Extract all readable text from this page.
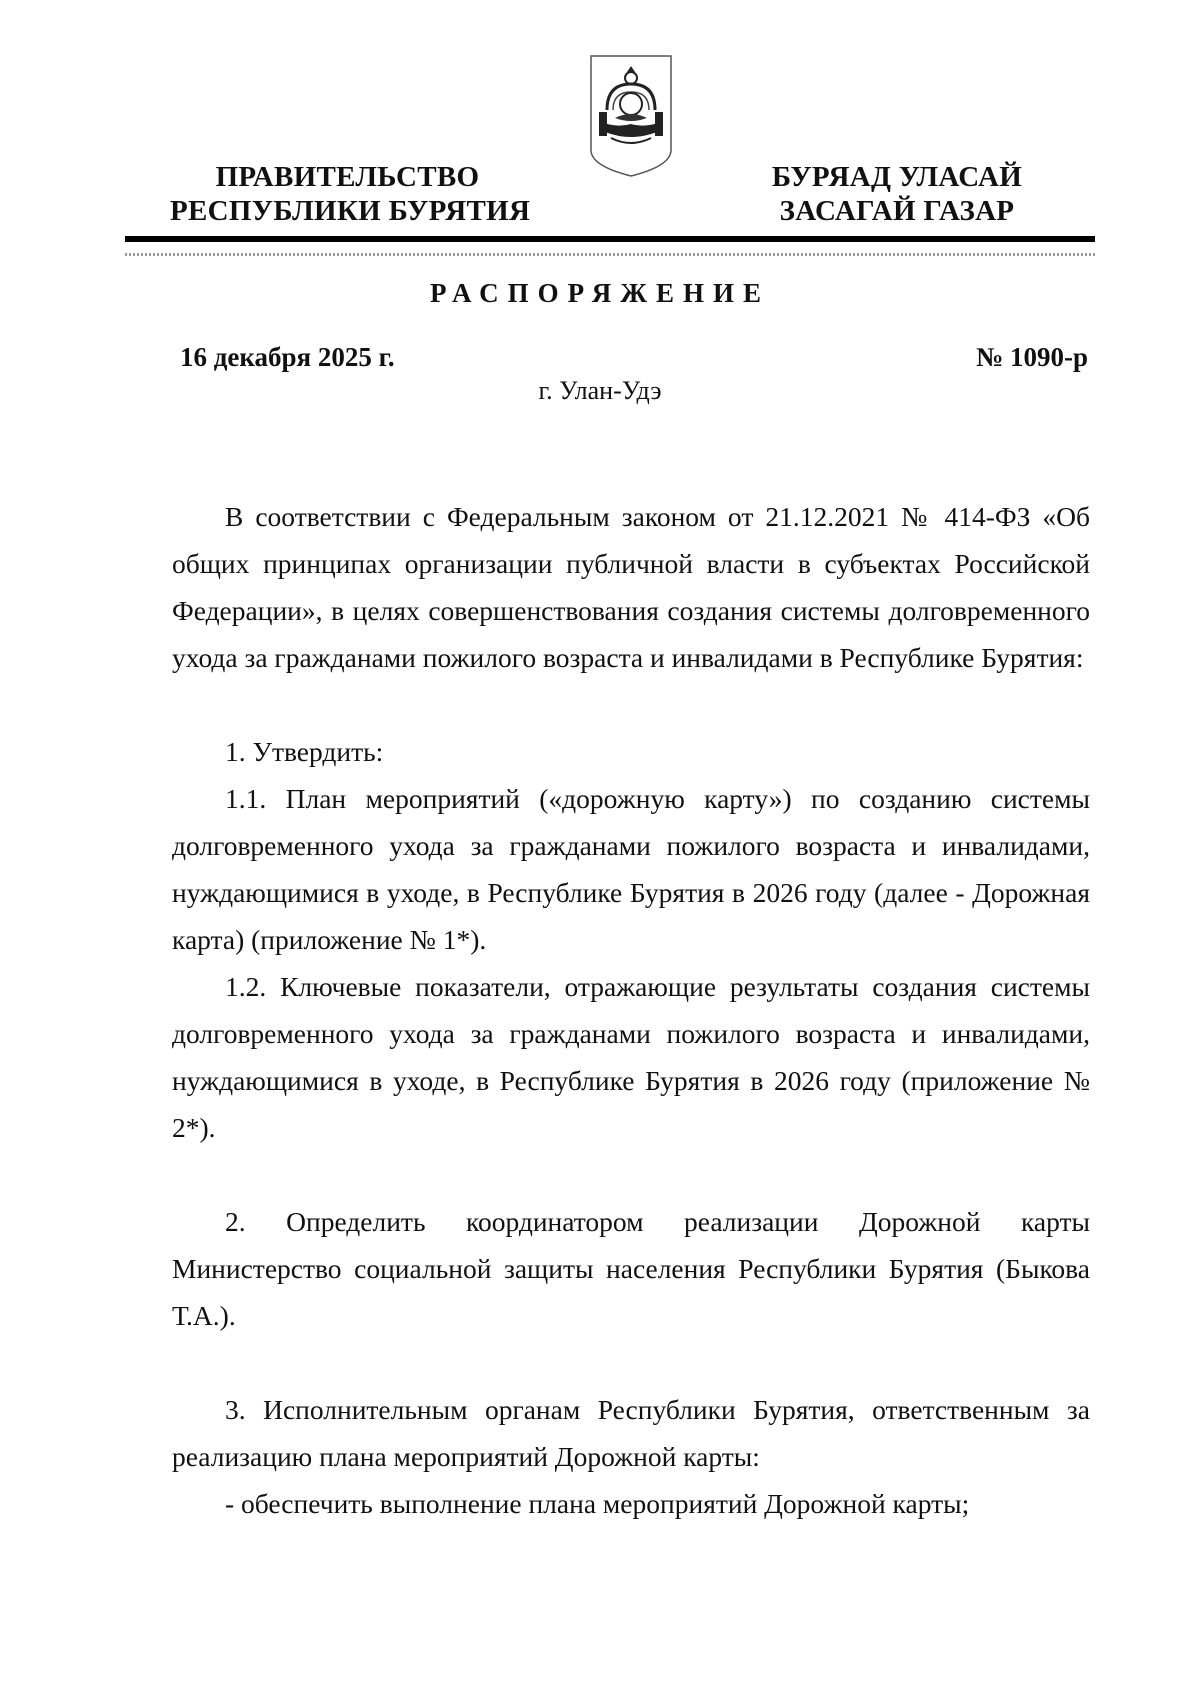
ПРАВИТЕЛЬСТВО
РЕСПУБЛИКИ БУРЯТИЯ
БУРЯАД УЛАСАЙ
ЗАСАГАЙ ГАЗАР
РАСПОРЯЖЕНИЕ
16 декабря 2025 г.	№ 1090-р
г. Улан-Удэ

В соответствии с Федеральным законом от 21.12.2021 № 414-ФЗ «Об общих принципах организации публичной власти в субъектах Российской Федерации», в целях совершенствования создания системы долговременного ухода за гражданами пожилого возраста и инвалидами в Республике Бурятия:

1. Утвердить:

1.1. План мероприятий («дорожную карту») по созданию системы долговременного ухода за гражданами пожилого возраста и инвалидами, нуждающимися в уходе, в Республике Бурятия в 2026 году (далее - Дорожная карта) (приложение № 1*).

1.2. Ключевые показатели, отражающие результаты создания системы долговременного ухода за гражданами пожилого возраста и инвалидами, нуждающимися в уходе, в Республике Бурятия в 2026 году (приложение № 2*).

2. Определить координатором реализации Дорожной карты Министерство социальной защиты населения Республики Бурятия (Быкова Т.А.).

3. Исполнительным органам Республики Бурятия, ответственным за реализацию плана мероприятий Дорожной карты:

- обеспечить выполнение плана мероприятий Дорожной карты;
